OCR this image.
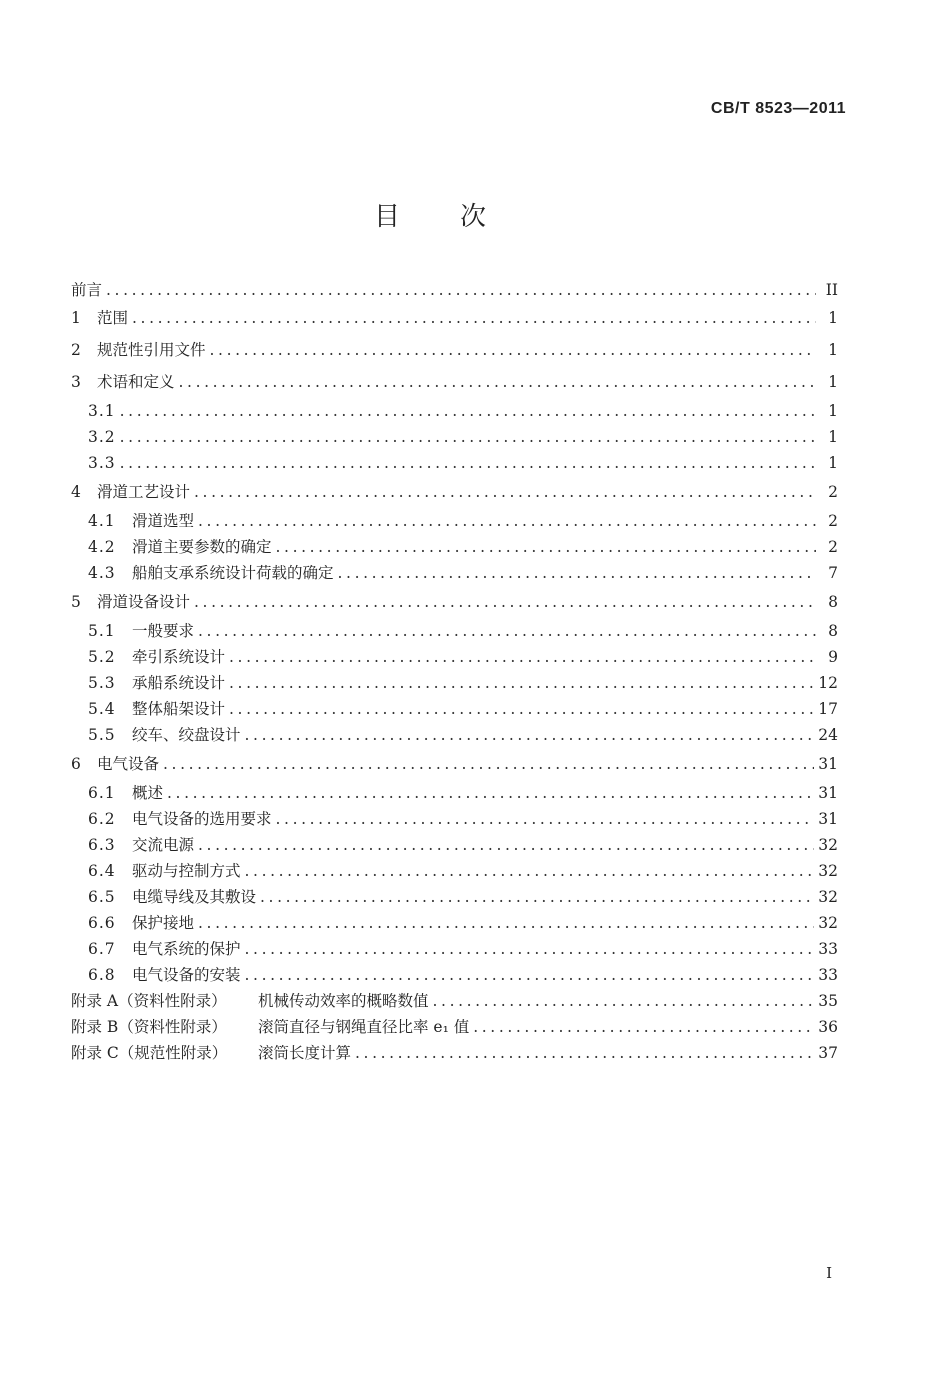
CB/T 8523—2011
目次
前言 .....	II
1	范围 .....	1
2	规范性引用文件 .....	1
3	术语和定义 .....	1
3.1 .....	1
3.2 .....	1
3.3 .....	1
4	滑道工艺设计 .....	2
4.1	滑道选型 .....	2
4.2	滑道主要参数的确定 .....	2
4.3	船舶支承系统设计荷载的确定 .....	7
5	滑道设备设计 .....	8
5.1	一般要求 .....	8
5.2	牵引系统设计 .....	9
5.3	承船系统设计 .....	12
5.4	整体船架设计 .....	17
5.5	绞车、绞盘设计 .....	24
6	电气设备 .....	31
6.1	概述 .....	31
6.2	电气设备的选用要求 .....	31
6.3	交流电源 .....	32
6.4	驱动与控制方式 .....	32
6.5	电缆导线及其敷设 .....	32
6.6	保护接地 .....	32
6.7	电气系统的保护 .....	33
6.8	电气设备的安装 .....	33
附录 A（资料性附录）	机械传动效率的概略数值 .....	35
附录 B（资料性附录）	滚筒直径与钢绳直径比率 e₁ 值 .....	36
附录 C（规范性附录）	滚筒长度计算 .....	37
I
